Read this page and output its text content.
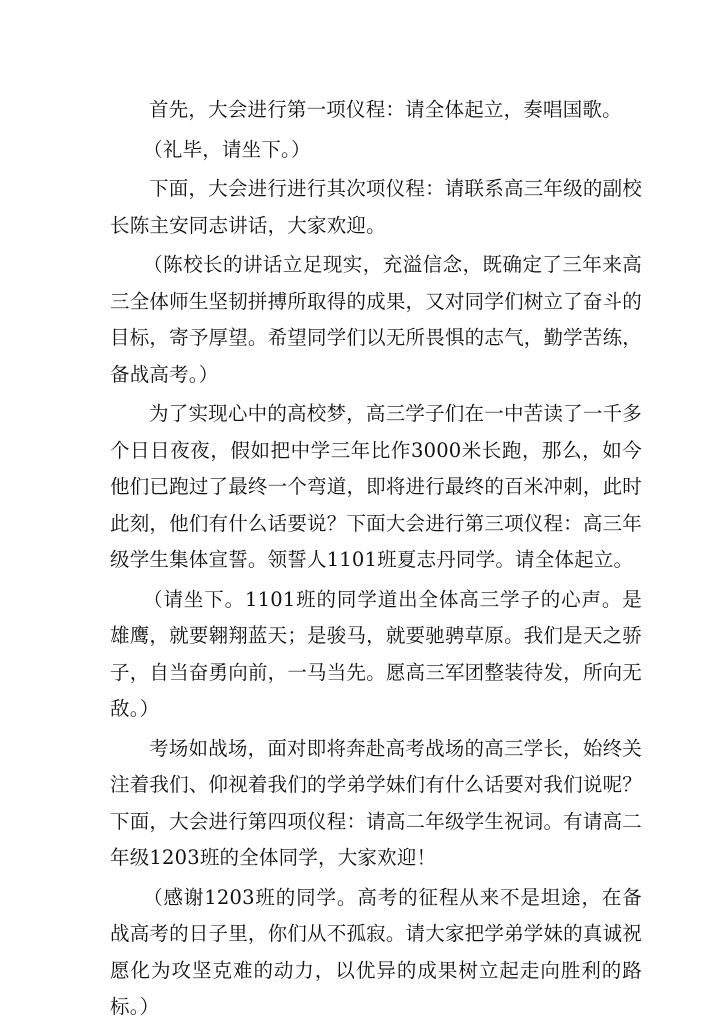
首先，大会进行第一项仪程：请全体起立，奏唱国歌。

（礼毕，请坐下。）

下面，大会进行进行其次项仪程：请联系高三年级的副校长陈主安同志讲话，大家欢迎。

（陈校长的讲话立足现实，充溢信念，既确定了三年来高三全体师生坚韧拼搏所取得的成果，又对同学们树立了奋斗的目标，寄予厚望。希望同学们以无所畏惧的志气，勤学苦练，备战高考。）

为了实现心中的高校梦，高三学子们在一中苦读了一千多个日日夜夜，假如把中学三年比作3000米长跑，那么，如今他们已跑过了最终一个弯道，即将进行最终的百米冲刺，此时此刻，他们有什么话要说？下面大会进行第三项仪程：高三年级学生集体宣誓。领誓人1101班夏志丹同学。请全体起立。

（请坐下。1101班的同学道出全体高三学子的心声。是雄鹰，就要翱翔蓝天；是骏马，就要驰骋草原。我们是天之骄子，自当奋勇向前，一马当先。愿高三军团整装待发，所向无敌。）

考场如战场，面对即将奔赴高考战场的高三学长，始终关注着我们、仰视着我们的学弟学妹们有什么话要对我们说呢？下面，大会进行第四项仪程：请高二年级学生祝词。有请高二年级1203班的全体同学，大家欢迎！

（感谢1203班的同学。高考的征程从来不是坦途，在备战高考的日子里，你们从不孤寂。请大家把学弟学妹的真诚祝愿化为攻坚克难的动力，以优异的成果树立起走向胜利的路标。）
